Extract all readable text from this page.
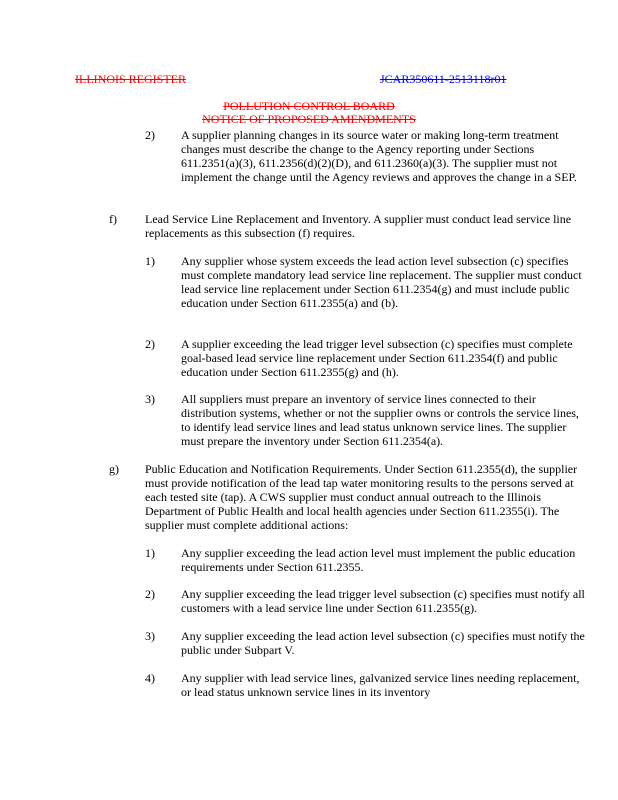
ILLINOIS REGISTER	JCAR350611-2513118r01
POLLUTION CONTROL BOARD
NOTICE OF PROPOSED AMENDMENTS
2) A supplier planning changes in its source water or making long-term treatment changes must describe the change to the Agency reporting under Sections 611.2351(a)(3), 611.2356(d)(2)(D), and 611.2360(a)(3). The supplier must not implement the change until the Agency reviews and approves the change in a SEP.
f) Lead Service Line Replacement and Inventory. A supplier must conduct lead service line replacements as this subsection (f) requires.
1) Any supplier whose system exceeds the lead action level subsection (c) specifies must complete mandatory lead service line replacement. The supplier must conduct lead service line replacement under Section 611.2354(g) and must include public education under Section 611.2355(a) and (b).
2) A supplier exceeding the lead trigger level subsection (c) specifies must complete goal-based lead service line replacement under Section 611.2354(f) and public education under Section 611.2355(g) and (h).
3) All suppliers must prepare an inventory of service lines connected to their distribution systems, whether or not the supplier owns or controls the service lines, to identify lead service lines and lead status unknown service lines. The supplier must prepare the inventory under Section 611.2354(a).
g) Public Education and Notification Requirements. Under Section 611.2355(d), the supplier must provide notification of the lead tap water monitoring results to the persons served at each tested site (tap). A CWS supplier must conduct annual outreach to the Illinois Department of Public Health and local health agencies under Section 611.2355(i). The supplier must complete additional actions:
1) Any supplier exceeding the lead action level must implement the public education requirements under Section 611.2355.
2) Any supplier exceeding the lead trigger level subsection (c) specifies must notify all customers with a lead service line under Section 611.2355(g).
3) Any supplier exceeding the lead action level subsection (c) specifies must notify the public under Subpart V.
4) Any supplier with lead service lines, galvanized service lines needing replacement, or lead status unknown service lines in its inventory
